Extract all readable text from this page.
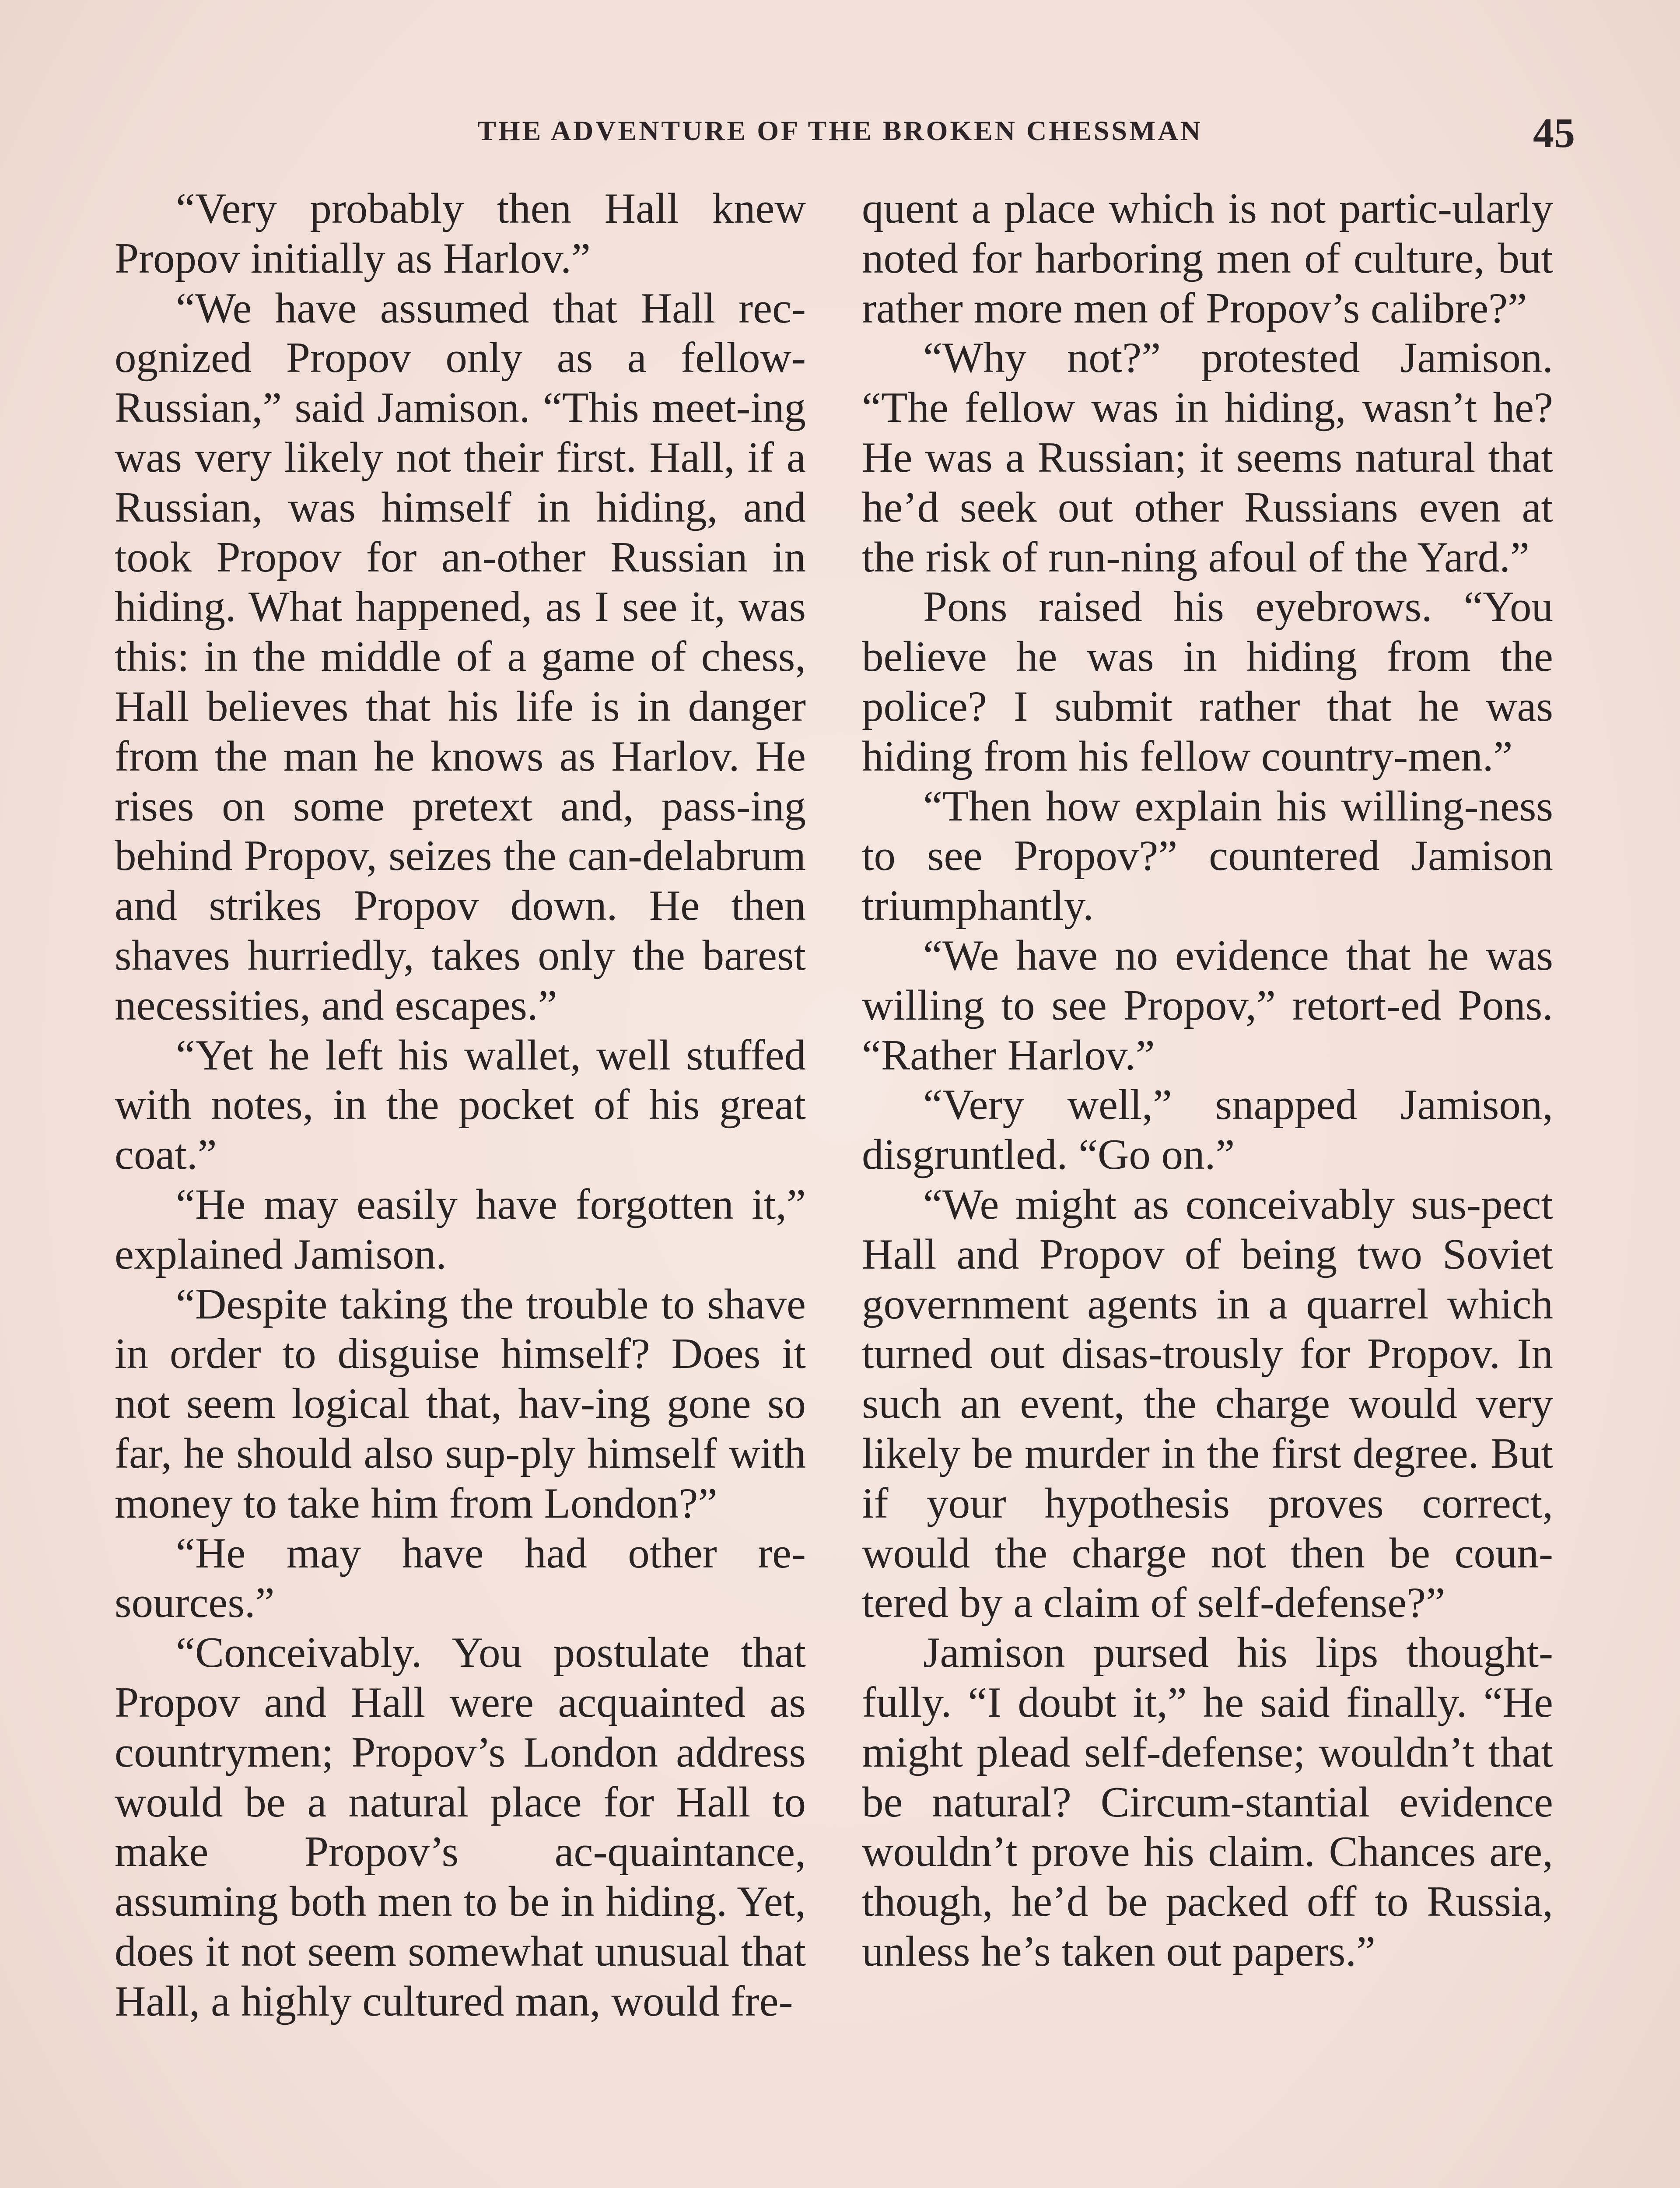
THE ADVENTURE OF THE BROKEN CHESSMAN	45

“Very probably then Hall knew Propov initially as Harlov.”

“We have assumed that Hall rec-ognized Propov only as a fellow-Russian,” said Jamison. “This meet-ing was very likely not their first. Hall, if a Russian, was himself in hiding, and took Propov for an-other Russian in hiding. What happened, as I see it, was this: in the middle of a game of chess, Hall believes that his life is in danger from the man he knows as Harlov. He rises on some pretext and, pass-ing behind Propov, seizes the can-delabrum and strikes Propov down. He then shaves hurriedly, takes only the barest necessities, and escapes.”

“Yet he left his wallet, well stuffed with notes, in the pocket of his great coat.”

“He may easily have forgotten it,” explained Jamison.

“Despite taking the trouble to shave in order to disguise himself? Does it not seem logical that, hav-ing gone so far, he should also sup-ply himself with money to take him from London?”

“He may have had other re-sources.”

“Conceivably. You postulate that Propov and Hall were acquainted as countrymen; Propov’s London address would be a natural place for Hall to make Propov’s ac-quaintance, assuming both men to be in hiding. Yet, does it not seem somewhat unusual that Hall, a highly cultured man, would fre-

quent a place which is not partic-ularly noted for harboring men of culture, but rather more men of Propov’s calibre?”

“Why not?” protested Jamison. “The fellow was in hiding, wasn’t he? He was a Russian; it seems natural that he’d seek out other Russians even at the risk of run-ning afoul of the Yard.”

Pons raised his eyebrows. “You believe he was in hiding from the police? I submit rather that he was hiding from his fellow country-men.”

“Then how explain his willing-ness to see Propov?” countered Jamison triumphantly.

“We have no evidence that he was willing to see Propov,” retort-ed Pons. “Rather Harlov.”

“Very well,” snapped Jamison, disgruntled. “Go on.”

“We might as conceivably sus-pect Hall and Propov of being two Soviet government agents in a quarrel which turned out disas-trously for Propov. In such an event, the charge would very likely be murder in the first degree. But if your hypothesis proves correct, would the charge not then be coun-tered by a claim of self-defense?”

Jamison pursed his lips thought-fully. “I doubt it,” he said finally. “He might plead self-defense; wouldn’t that be natural? Circum-stantial evidence wouldn’t prove his claim. Chances are, though, he’d be packed off to Russia, unless he’s taken out papers.”
